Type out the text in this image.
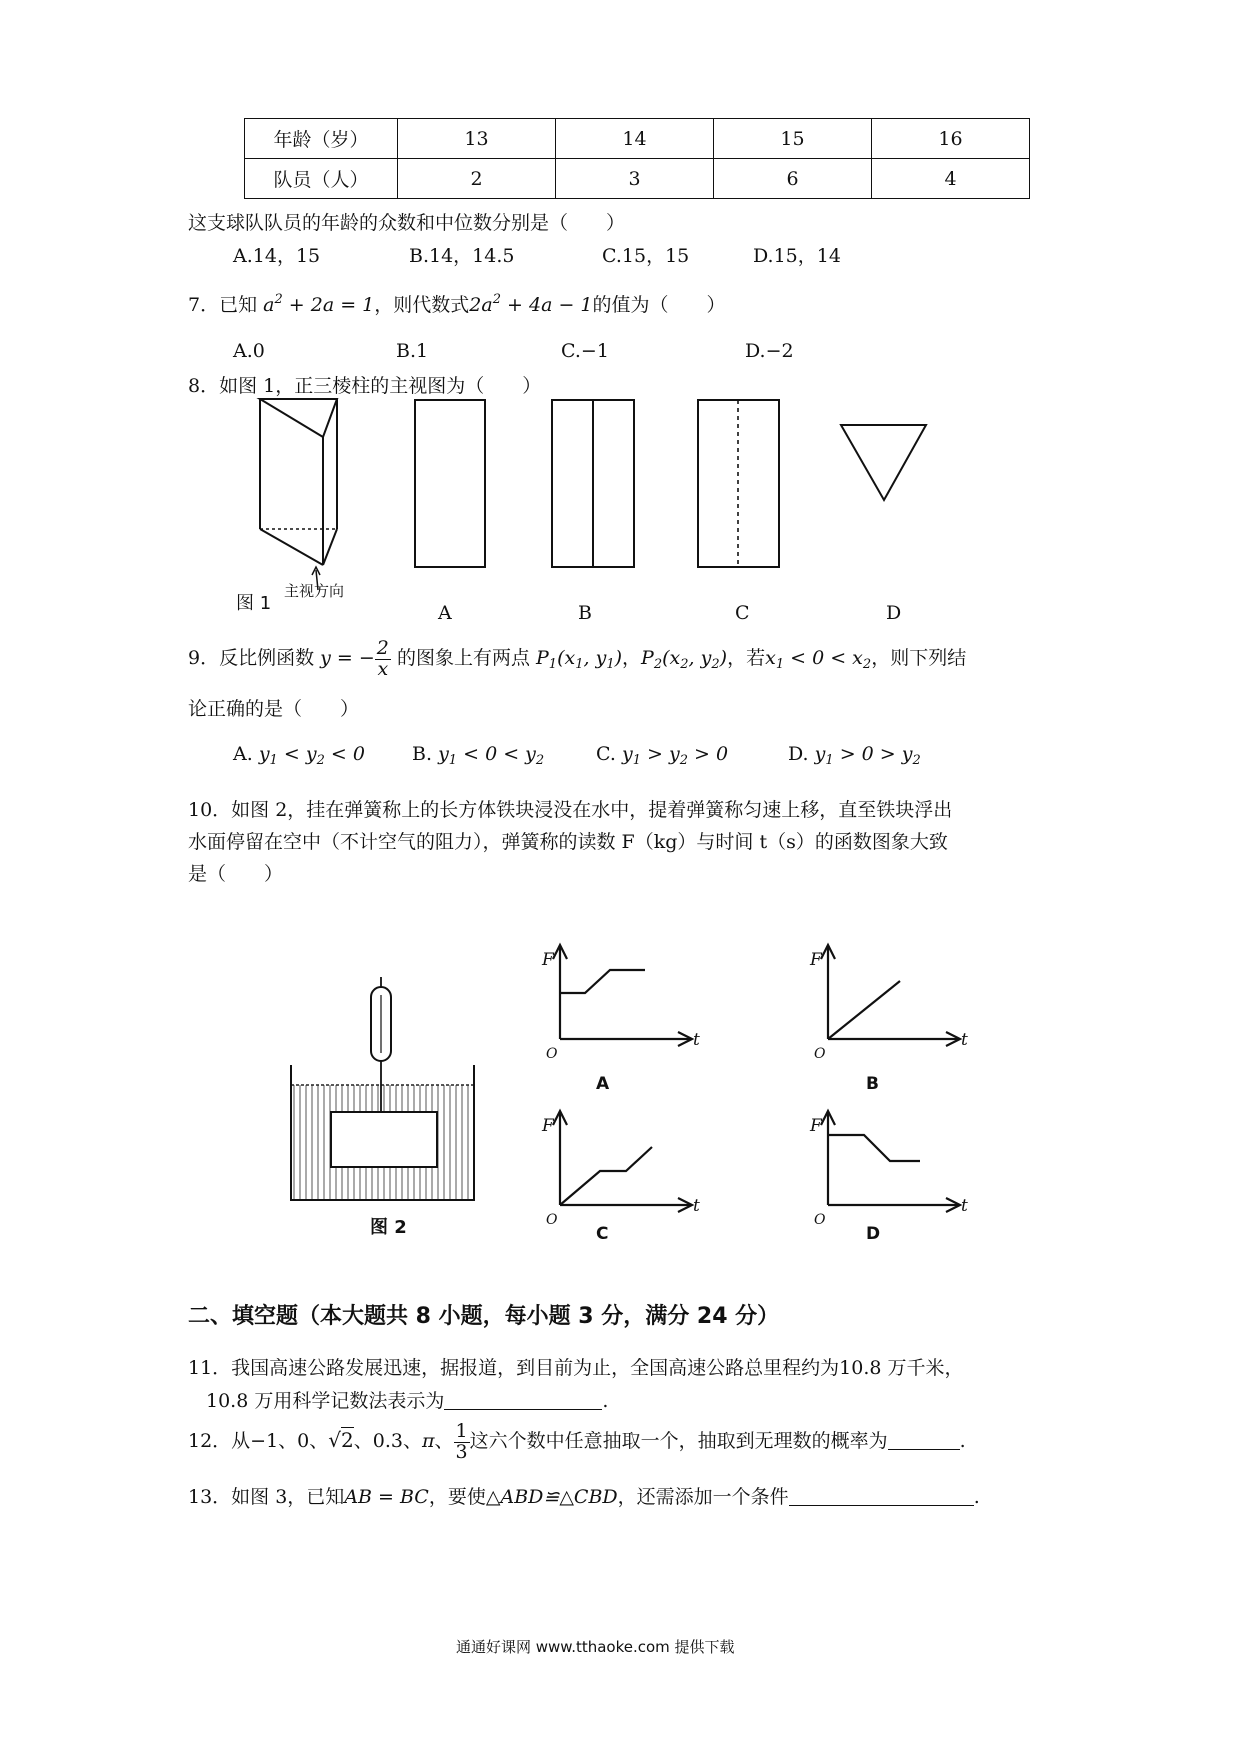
年龄（岁）	13	14	15	16
队员（人）	2	3	6	4
这支球队队员的年龄的众数和中位数分别是（　　）
A.14，15	B.14，14.5	C.15，15	D.15，14
7．已知 $a^2 + 2a = 1$，则代数式$2a^2 + 4a - 1$的值为（　　）
A.0	B.1	C.−1	D.−2
8．如图 1，正三棱柱的主视图为（　　）
图 1
主视方向
A	B	C	D
9．反比例函数 y = − $\frac{2}{x}$ 的图象上有两点 $P_1(x_1$, $y_1$)，$P_2(x_2$, $y_2$)，若$x_1 < 0 < x_2$，则下列结
论正确的是（　　）
A. $y_1 < y_2 < 0$ B. $y_1 < 0 < y_2$	C. $y_1 > y_2 > 0$	D. $y_1 > 0 > y_2$
10．如图 2，挂在弹簧称上的长方体铁块浸没在水中，提着弹簧称匀速上移，直至铁块浮出
水面停留在空中（不计空气的阻力），弹簧称的读数 F（kg）与时间 t（s）的函数图象大致
是（　　）
图 2
F
t
O
F
t
O
F
t
O
F
t
O
A	B
C	D
二、填空题（本大题共 8 小题，每小题 3 分，满分 24 分）
11．我国高速公路发展迅速，据报道，到目前为止，全国高速公路总里程约为10.8 万千米，
10.8 万用科学记数法表示为	.
12．从−1、0、√2、0.3、π、 $\frac{1}{3}$ 这六个数中任意抽取一个，抽取到无理数的概率为	.
13．如图 3，已知AB = BC，要使△ABD≌△CBD，还需添加一个条件	.
通通好课网 www.tthaoke.com 提供下载
